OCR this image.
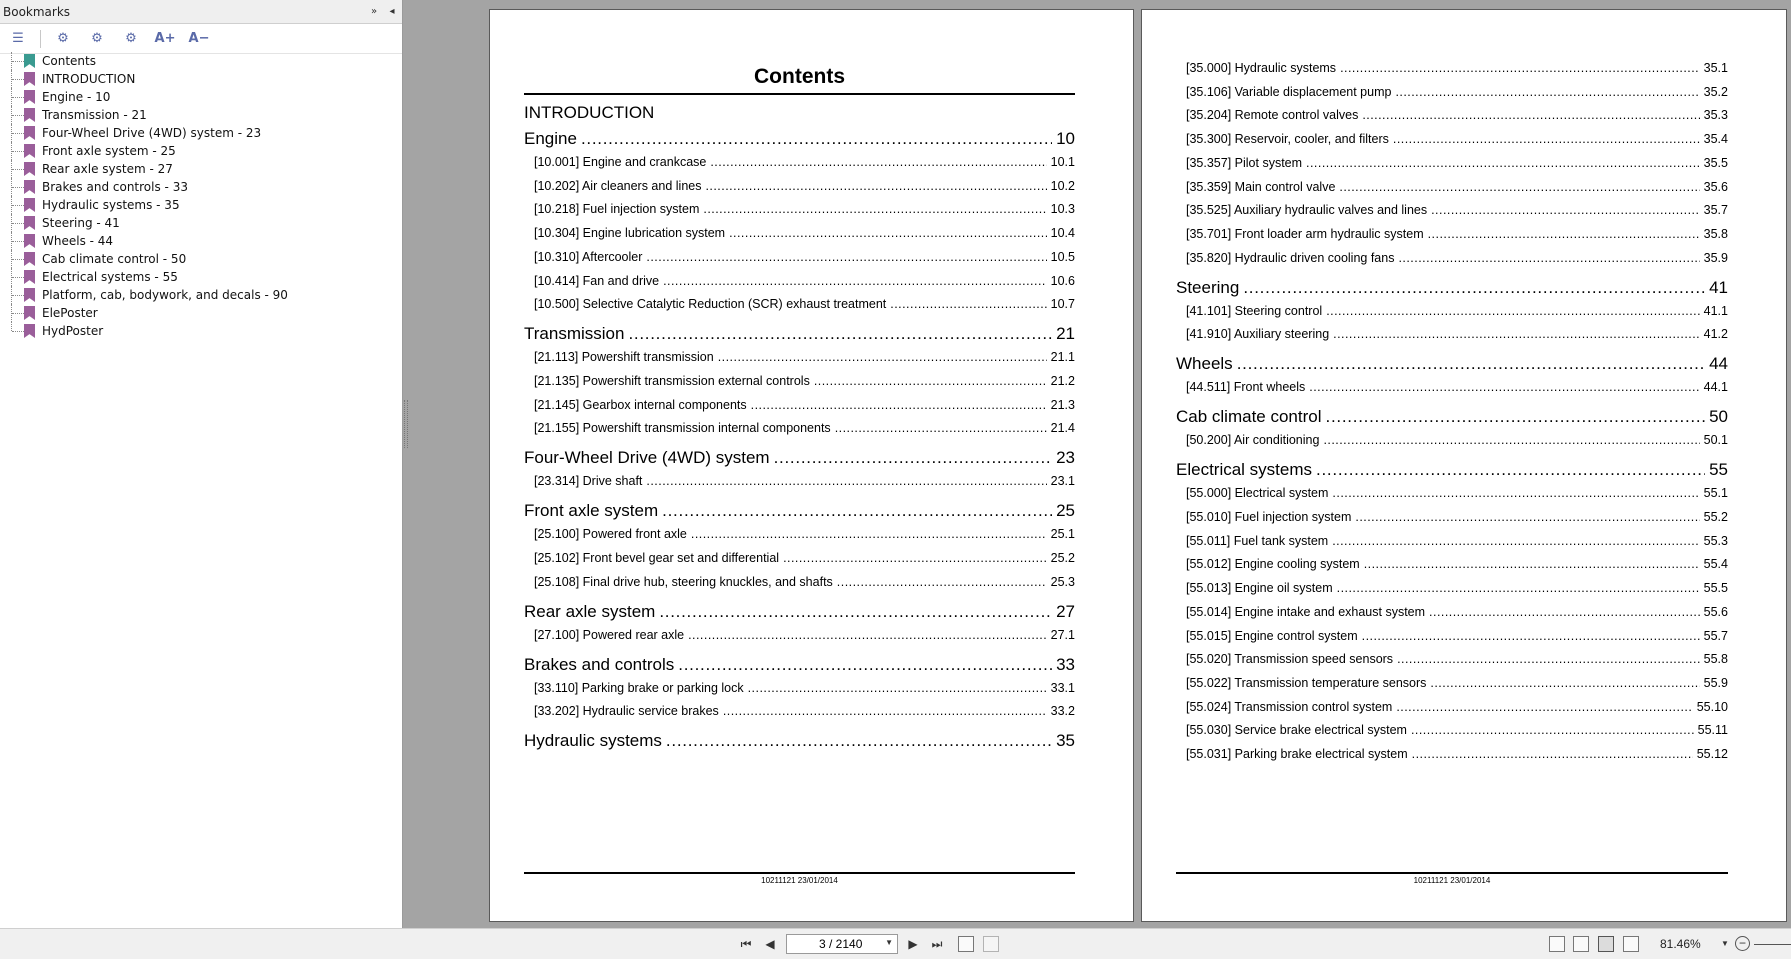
Bookmarks	»	◂
☰	⚙	⚙	⚙	A+ A−
Contents
INTRODUCTION
Engine - 10
Transmission - 21
Four-Wheel Drive (4WD) system - 23
Front axle system - 25
Rear axle system - 27
Brakes and controls - 33
Hydraulic systems - 35
Steering - 41
Wheels - 44
Cab climate control - 50
Electrical systems - 55
Platform, cab, bodywork, and decals - 90
ElePoster
HydPoster
Contents
INTRODUCTION
Engine . . .	10
[10.001] Engine and crankcase . . .	10.1
[10.202] Air cleaners and lines . . .	10.2
[10.218] Fuel injection system . . .	10.3
[10.304] Engine lubrication system . . .	10.4
[10.310] Aftercooler . . .	10.5
[10.414] Fan and drive . . .	10.6
[10.500] Selective Catalytic Reduction (SCR) exhaust treatment . . .	10.7
Transmission . . .	21
[21.113] Powershift transmission . . .	21.1
[21.135] Powershift transmission external controls . . .	21.2
[21.145] Gearbox internal components . . .	21.3
[21.155] Powershift transmission internal components . . .	21.4
Four-Wheel Drive (4WD) system . . .	23
[23.314] Drive shaft . . .	23.1
Front axle system . . .	25
[25.100] Powered front axle . . .	25.1
[25.102] Front bevel gear set and differential . . .	25.2
[25.108] Final drive hub, steering knuckles, and shafts . . .	25.3
Rear axle system . . .	27
[27.100] Powered rear axle . . .	27.1
Brakes and controls . . .	33
[33.110] Parking brake or parking lock . . .	33.1
[33.202] Hydraulic service brakes . . .	33.2
Hydraulic systems . . .	35
10211121 23/01/2014
[35.000] Hydraulic systems . . .	35.1
[35.106] Variable displacement pump . . .	35.2
[35.204] Remote control valves . . .	35.3
[35.300] Reservoir, cooler, and filters . . .	35.4
[35.357] Pilot system . . .	35.5
[35.359] Main control valve . . .	35.6
[35.525] Auxiliary hydraulic valves and lines . . .	35.7
[35.701] Front loader arm hydraulic system . . .	35.8
[35.820] Hydraulic driven cooling fans . . .	35.9
Steering . . .	41
[41.101] Steering control . . .	41.1
[41.910] Auxiliary steering . . .	41.2
Wheels . . .	44
[44.511] Front wheels . . .	44.1
Cab climate control . . .	50
[50.200] Air conditioning . . .	50.1
Electrical systems . . .	55
[55.000] Electrical system . . .	55.1
[55.010] Fuel injection system . . .	55.2
[55.011] Fuel tank system . . .	55.3
[55.012] Engine cooling system . . .	55.4
[55.013] Engine oil system . . .	55.5
[55.014] Engine intake and exhaust system . . .	55.6
[55.015] Engine control system . . .	55.7
[55.020] Transmission speed sensors . . .	55.8
[55.022] Transmission temperature sensors . . .	55.9
[55.024] Transmission control system . . .	55.10
[55.030] Service brake electrical system . . .	55.11
[55.031] Parking brake electrical system . . .	55.12
10211121 23/01/2014
⏮ ◀	3 / 2140	▼ ▶ ⏭	81.46%	▼ −
